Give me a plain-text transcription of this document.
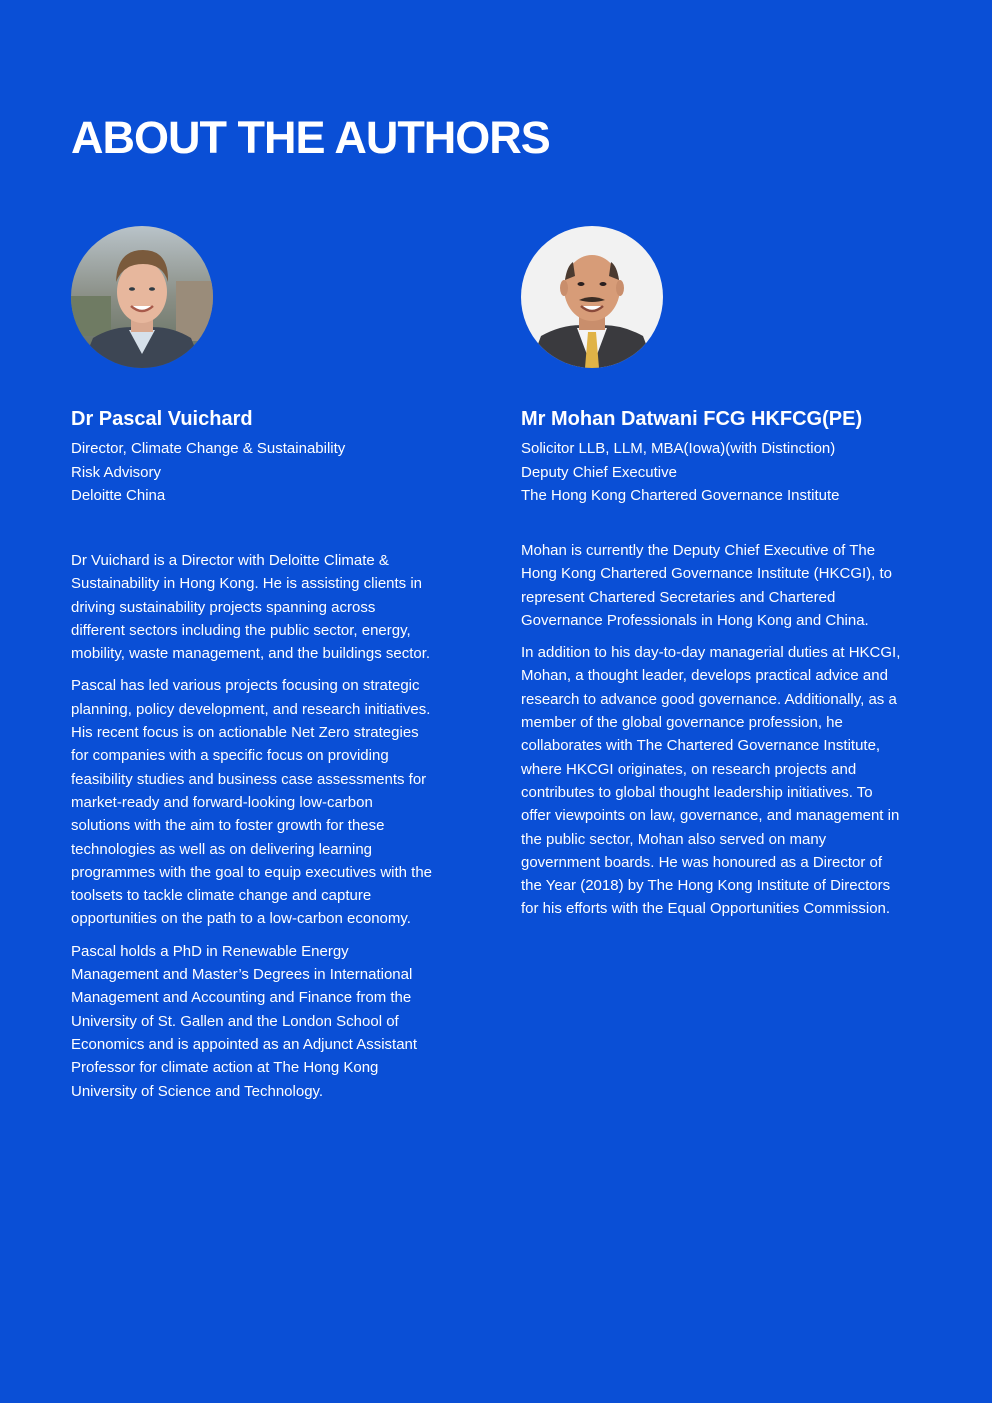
ABOUT THE AUTHORS
Dr Pascal Vuichard
Director, Climate Change & Sustainability
Risk Advisory
Deloitte China

Dr Vuichard is a Director with Deloitte Climate & Sustainability in Hong Kong. He is assisting clients in driving sustainability projects spanning across different sectors including the public sector, energy, mobility, waste management, and the buildings sector.

Pascal has led various projects focusing on strategic planning, policy development, and research initiatives. His recent focus is on actionable Net Zero strategies for companies with a specific focus on providing feasibility studies and business case assessments for market-ready and forward-looking low-carbon solutions with the aim to foster growth for these technologies as well as on delivering learning programmes with the goal to equip executives with the toolsets to tackle climate change and capture opportunities on the path to a low-carbon economy.

Pascal holds a PhD in Renewable Energy Management and Master’s Degrees in International Management and Accounting and Finance from the University of St. Gallen and the London School of Economics and is appointed as an Adjunct Assistant Professor for climate action at The Hong Kong University of Science and Technology.

Mr Mohan Datwani FCG HKFCG(PE)
Solicitor LLB, LLM, MBA(Iowa)(with Distinction)
Deputy Chief Executive
The Hong Kong Chartered Governance Institute

Mohan is currently the Deputy Chief Executive of The Hong Kong Chartered Governance Institute (HKCGI), to represent Chartered Secretaries and Chartered Governance Professionals in Hong Kong and China.

In addition to his day-to-day managerial duties at HKCGI, Mohan, a thought leader, develops practical advice and research to advance good governance. Additionally, as a member of the global governance profession, he collaborates with The Chartered Governance Institute, where HKCGI originates, on research projects and contributes to global thought leadership initiatives. To offer viewpoints on law, governance, and management in the public sector, Mohan also served on many government boards. He was honoured as a Director of the Year (2018) by The Hong Kong Institute of Directors for his efforts with the Equal Opportunities Commission.
